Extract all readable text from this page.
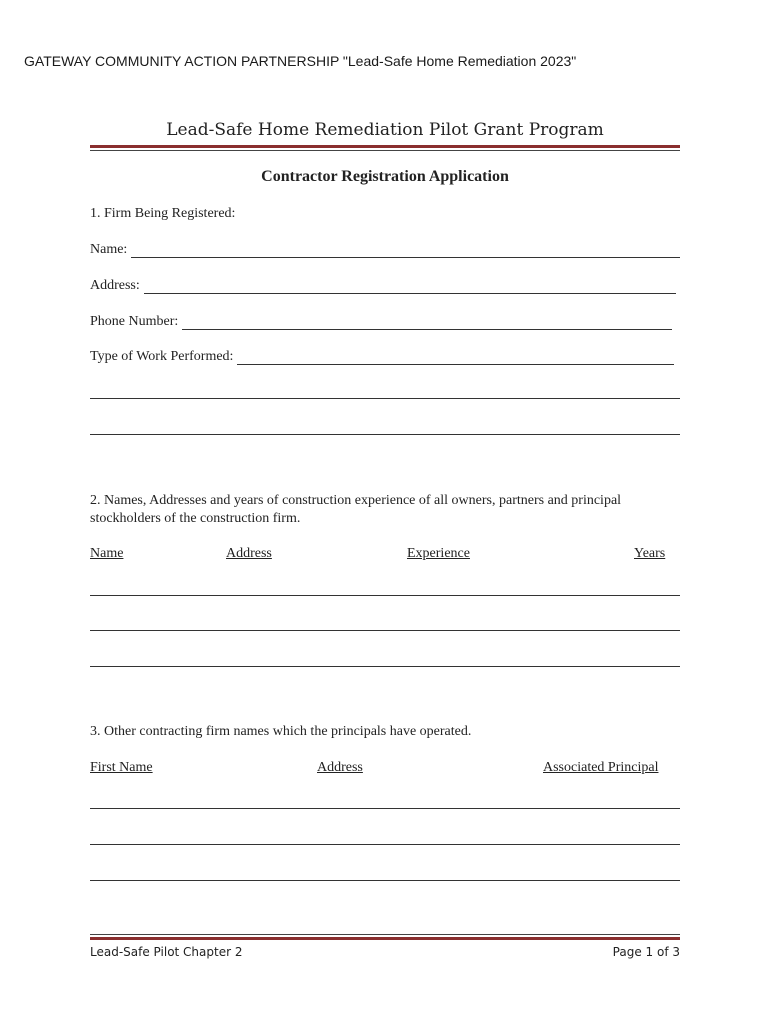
GATEWAY COMMUNITY ACTION PARTNERSHIP "Lead-Safe Home Remediation 2023"
Lead-Safe Home Remediation Pilot Grant Program
Contractor Registration Application
1. Firm Being Registered:
Name:
Address:
Phone Number:
Type of Work Performed:
2. Names, Addresses and years of construction experience of all owners, partners and principal stockholders of the construction firm.
Name	Address	Experience	Years
3. Other contracting firm names which the principals have operated.
First Name	Address	Associated Principal
Lead-Safe Pilot Chapter 2	Page 1 of 3
